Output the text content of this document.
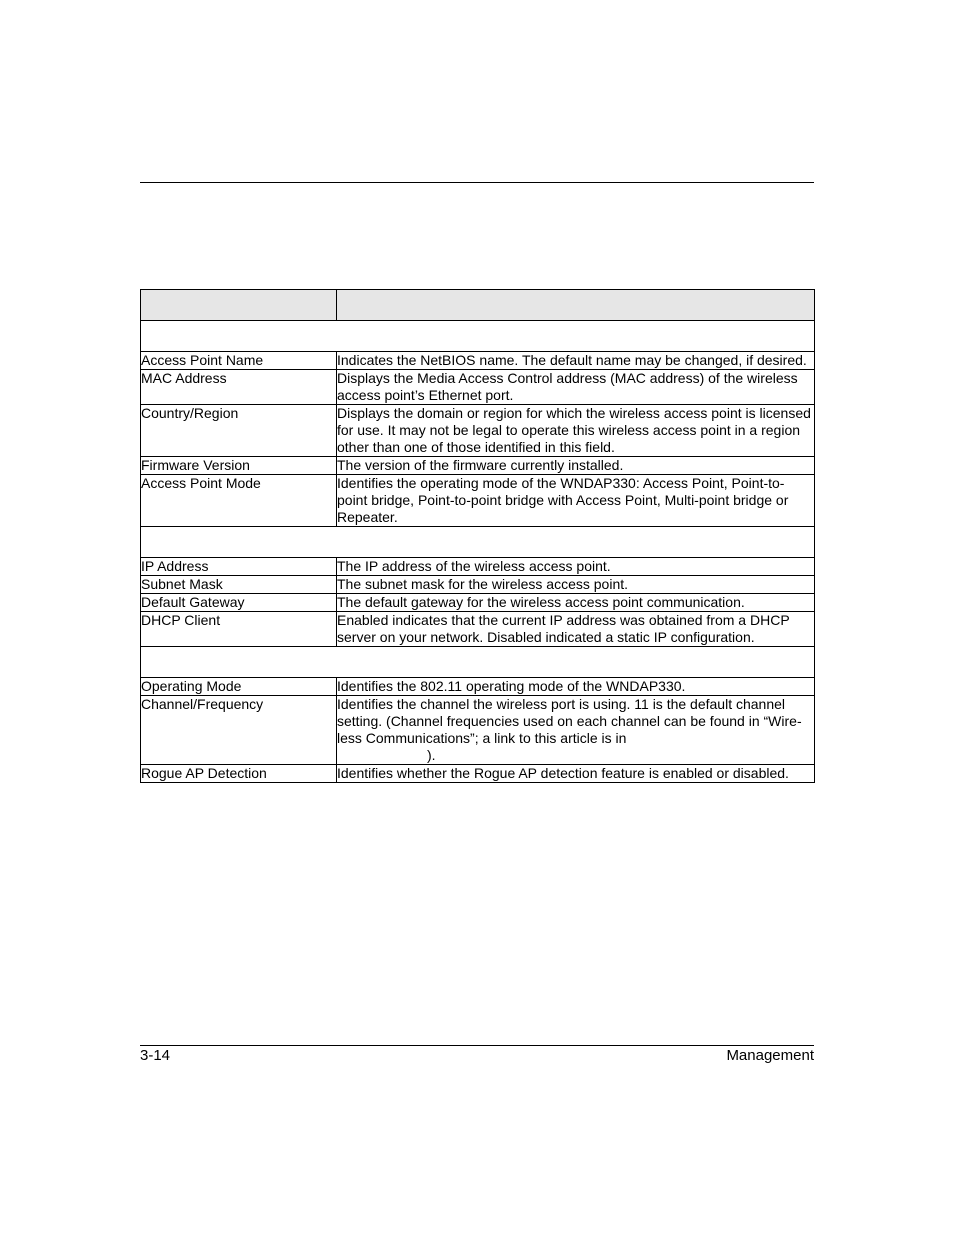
Access Point Name	Indicates the NetBIOS name. The default name may be changed, if desired.
MAC Address	Displays the Media Access Control address (MAC address) of the wireless access point’s Ethernet port.
Country/Region	Displays the domain or region for which the wireless access point is licensed for use. It may not be legal to operate this wireless access point in a region other than one of those identified in this field.
Firmware Version	The version of the firmware currently installed.
Access Point Mode	Identifies the operating mode of the WNDAP330: Access Point, Point-to-point bridge, Point-to-point bridge with Access Point, Multi-point bridge or Repeater.

IP Address	The IP address of the wireless access point.
Subnet Mask	The subnet mask for the wireless access point.
Default Gateway	The default gateway for the wireless access point communication.
DHCP Client	Enabled indicates that the current IP address was obtained from a DHCP server on your network. Disabled indicated a static IP configuration.

Operating Mode	Identifies the 802.11 operating mode of the WNDAP330.
Channel/Frequency	Identifies the channel the wireless port is using. 11 is the default channel setting. (Channel frequencies used on each channel can be found in “Wire-less Communications”; a link to this article is in
).

Rogue AP Detection	Identifies whether the Rogue AP detection feature is enabled or disabled.
3-14	Management
